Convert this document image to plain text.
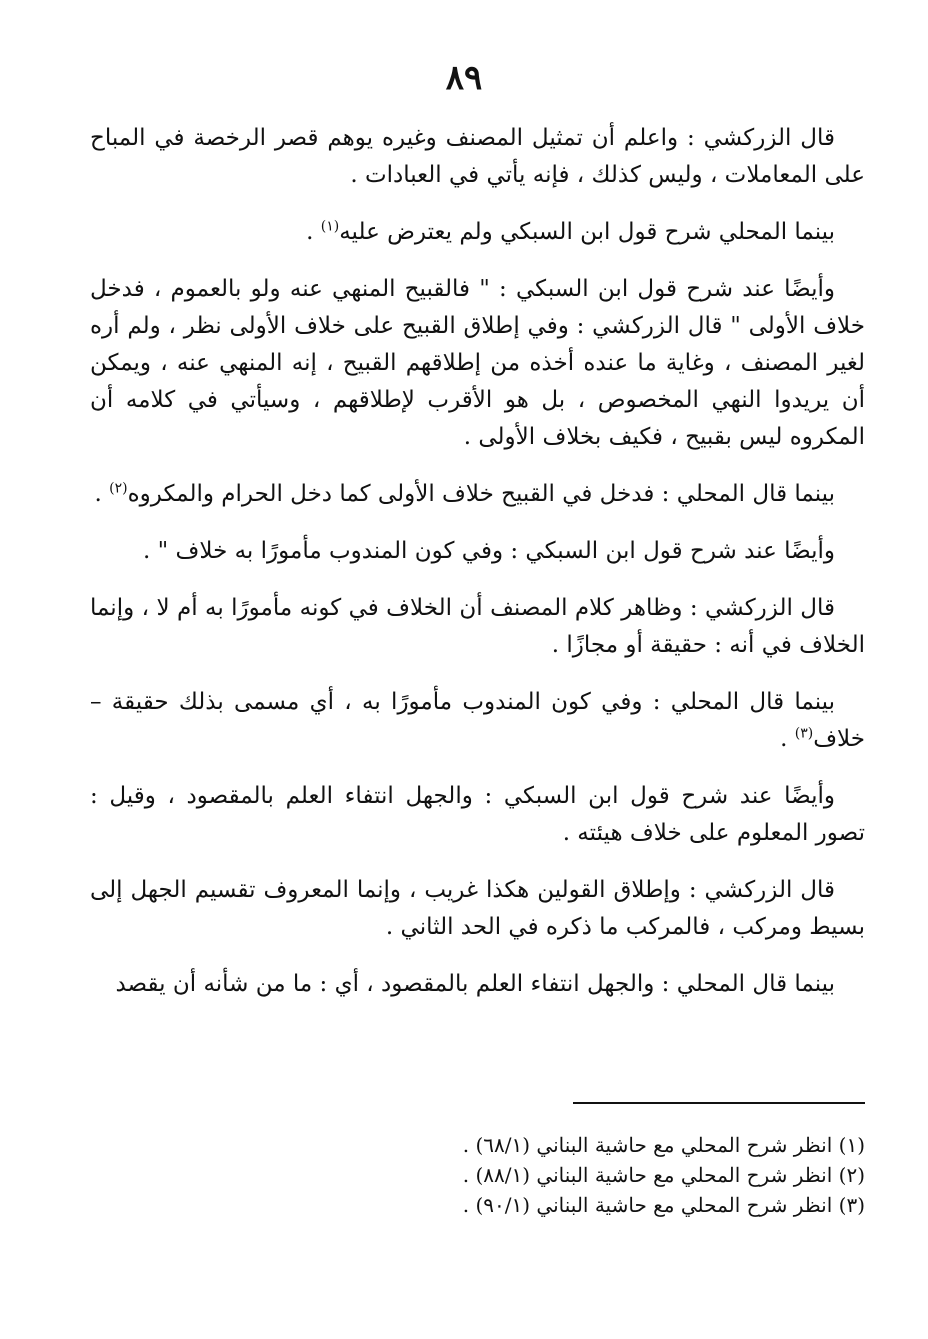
٨٩

قال الزركشي : واعلم أن تمثيل المصنف وغيره يوهم قصر الرخصة في المباح على المعاملات ، وليس كذلك ، فإنه يأتي في العبادات .

بينما المحلي شرح قول ابن السبكي ولم يعترض عليه$^{(١)}$ .

وأيضًا عند شرح قول ابن السبكي : " فالقبيح المنهي عنه ولو بالعموم ، فدخل خلاف الأولى " قال الزركشي : وفي إطلاق القبيح على خلاف الأولى نظر ، ولم أره لغير المصنف ، وغاية ما عنده أخذه من إطلاقهم القبيح ، إنه المنهي عنه ، ويمكن أن يريدوا النهي المخصوص ، بل هو الأقرب لإطلاقهم ، وسيأتي في كلامه أن المكروه ليس بقبيح ، فكيف بخلاف الأولى .

بينما قال المحلي : فدخل في القبيح خلاف الأولى كما دخل الحرام والمكروه$^{(٢)}$ .

وأيضًا عند شرح قول ابن السبكي : وفي كون المندوب مأمورًا به خلاف " .

قال الزركشي : وظاهر كلام المصنف أن الخلاف في كونه مأمورًا به أم لا ، وإنما الخلاف في أنه : حقيقة أو مجازًا .

بينما قال المحلي : وفي كون المندوب مأمورًا به ، أي مسمى بذلك حقيقة – خلاف$^{(٣)}$ .

وأيضًا عند شرح قول ابن السبكي : والجهل انتفاء العلم بالمقصود ، وقيل : تصور المعلوم على خلاف هيئته .

قال الزركشي : وإطلاق القولين هكذا غريب ، وإنما المعروف تقسيم الجهل إلى بسيط ومركب ، فالمركب ما ذكره في الحد الثاني .

بينما قال المحلي : والجهل انتفاء العلم بالمقصود ، أي : ما من شأنه أن يقصد

(١) انظر شرح المحلي مع حاشية البناني (٦٨/١) .

(٢) انظر شرح المحلي مع حاشية البناني (٨٨/١) .

(٣) انظر شرح المحلي مع حاشية البناني (٩٠/١) .
